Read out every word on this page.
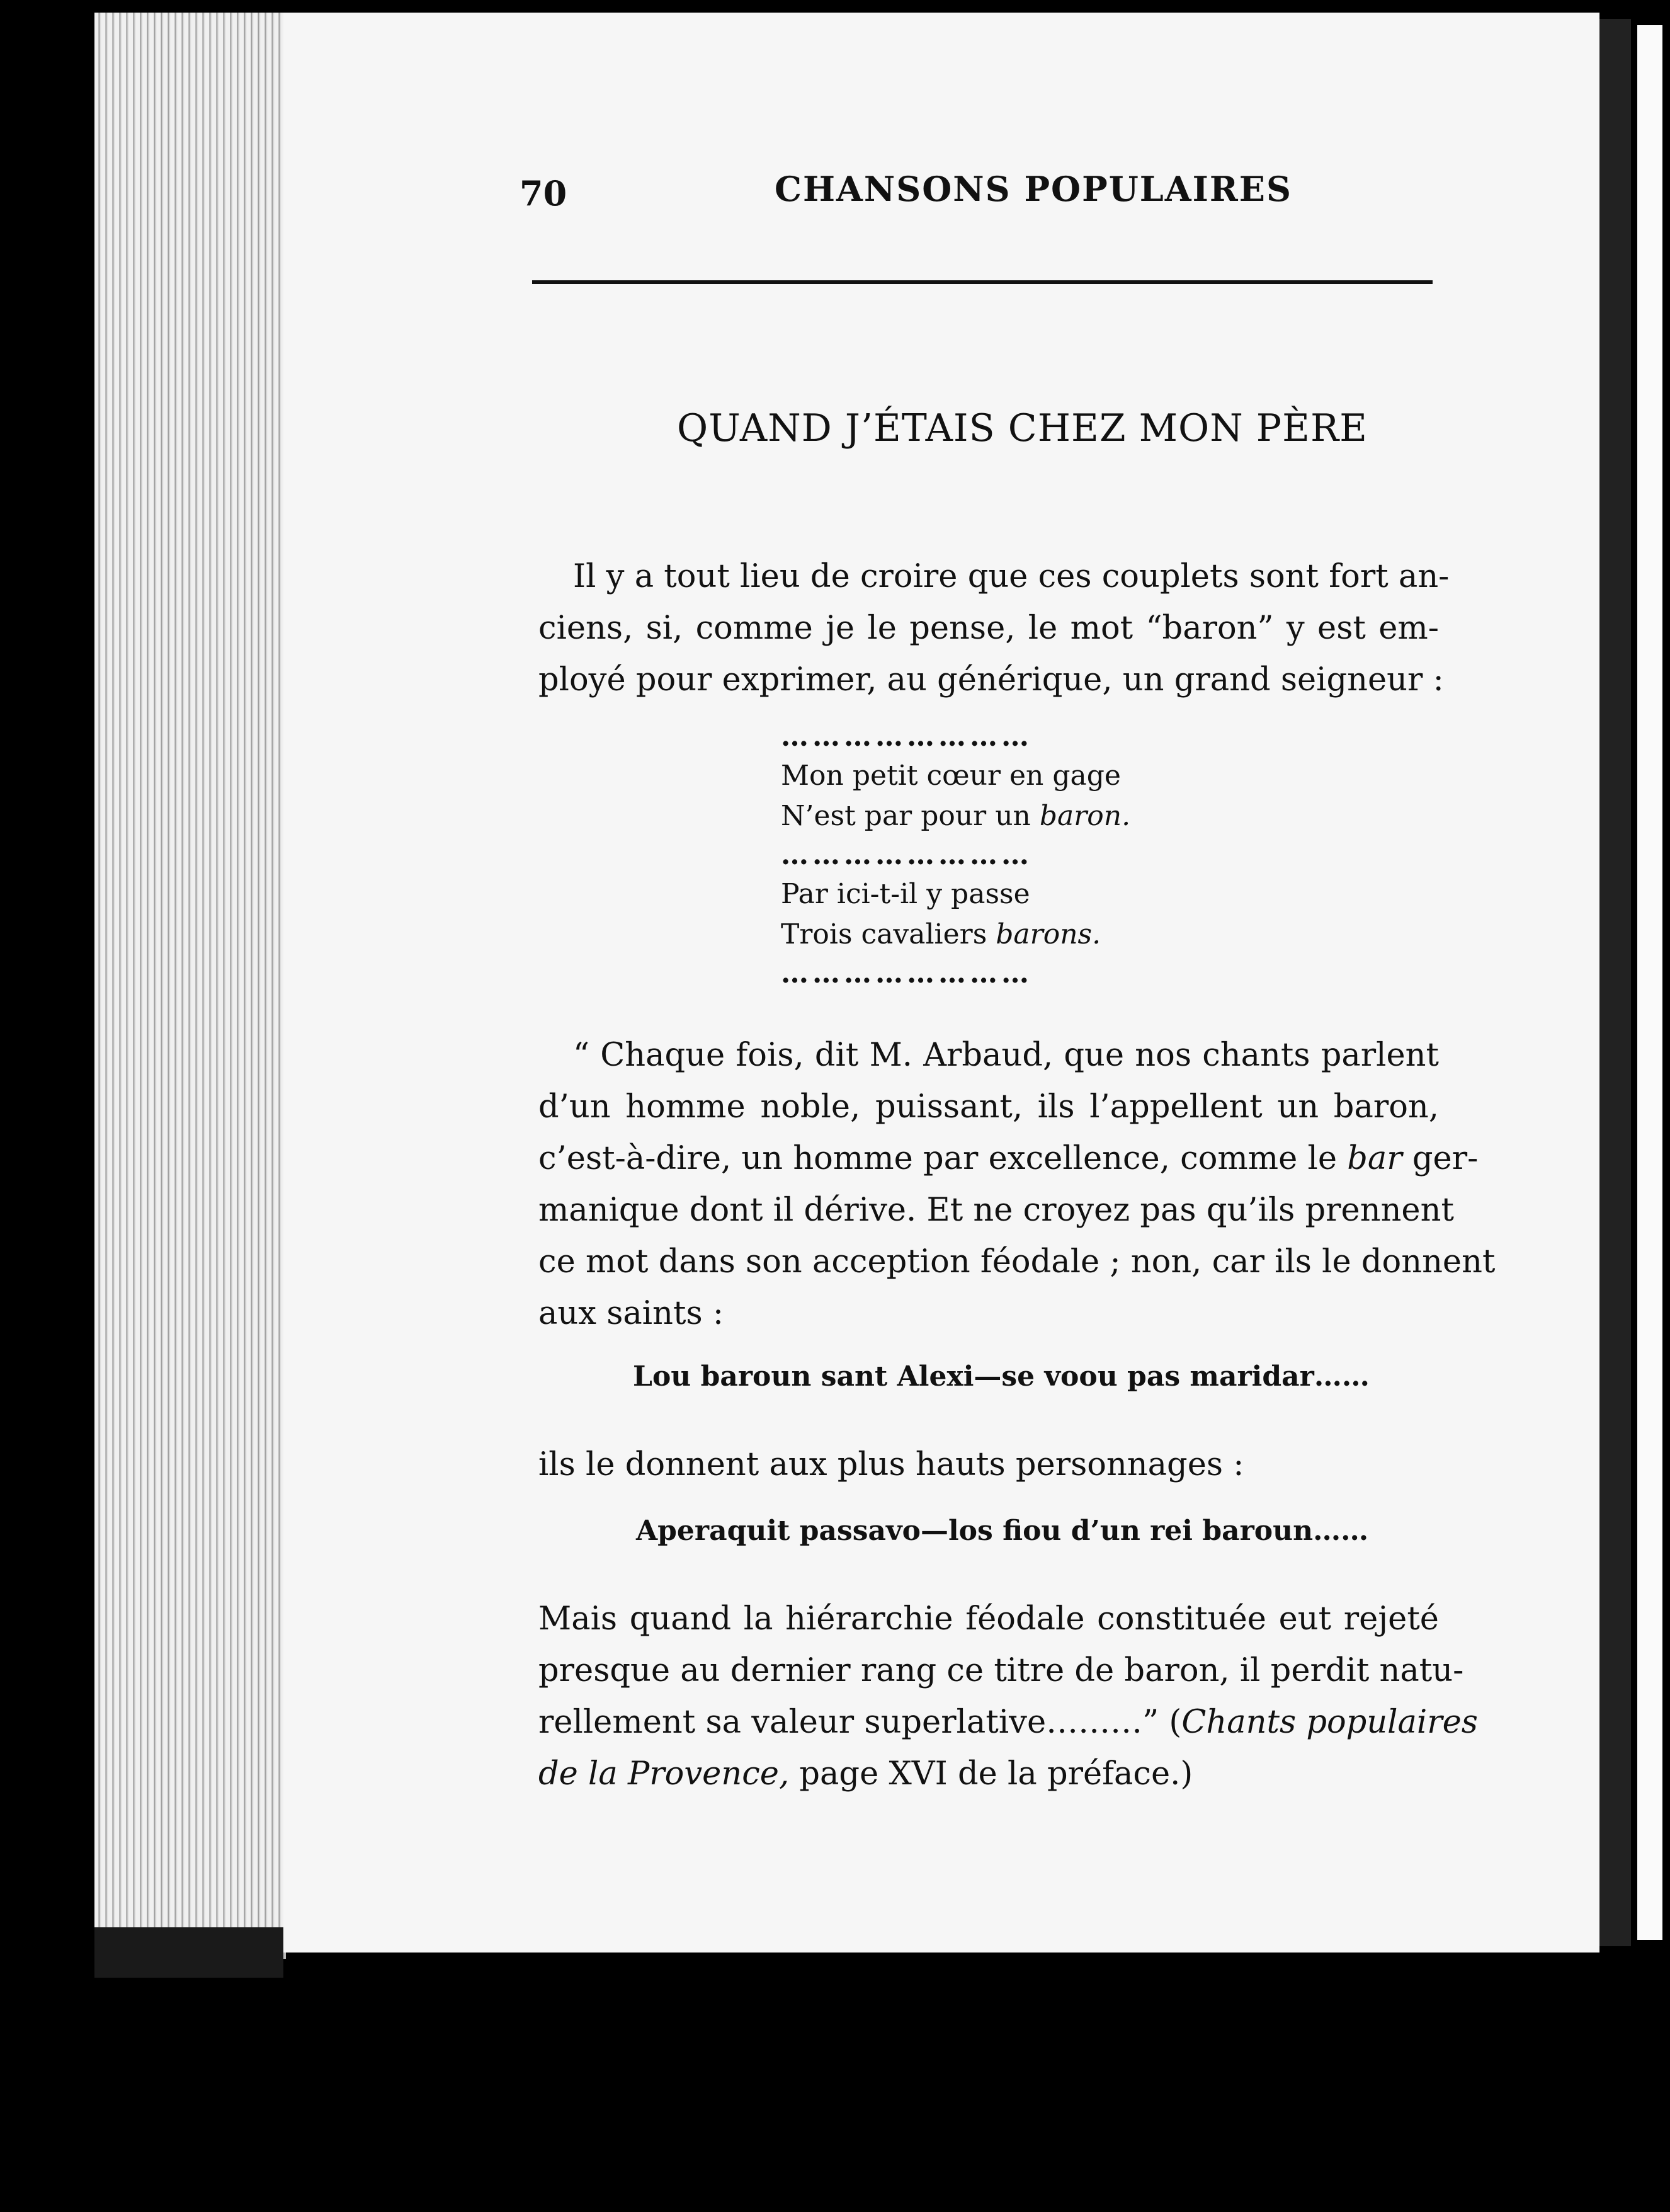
70	CHANSONS POPULAIRES
QUAND J’ÉTAIS CHEZ MON PÈRE
Il y a tout lieu de croire que ces couplets sont fort an-
ciens, si, comme je le pense, le mot “baron” y est em-
ployé pour exprimer, au générique, un grand seigneur :
……………………
Mon petit cœur en gage
N’est par pour un baron.
……………………
Par ici-t-il y passe
Trois cavaliers barons.
……………………
“ Chaque fois, dit M. Arbaud, que nos chants parlent
d’un homme noble, puissant, ils l’appellent un baron,
c’est-à-dire, un homme par excellence, comme le bar ger-
manique dont il dérive. Et ne croyez pas qu’ils prennent
ce mot dans son acception féodale ; non, car ils le donnent
aux saints :
Lou baroun sant Alexi—se voou pas maridar……
ils le donnent aux plus hauts personnages :
Aperaquit passavo—los fiou d’un rei baroun……
Mais quand la hiérarchie féodale constituée eut rejeté
presque au dernier rang ce titre de baron, il perdit natu-
rellement sa valeur superlative………” (Chants populaires
de la Provence, page XVI de la préface.)
